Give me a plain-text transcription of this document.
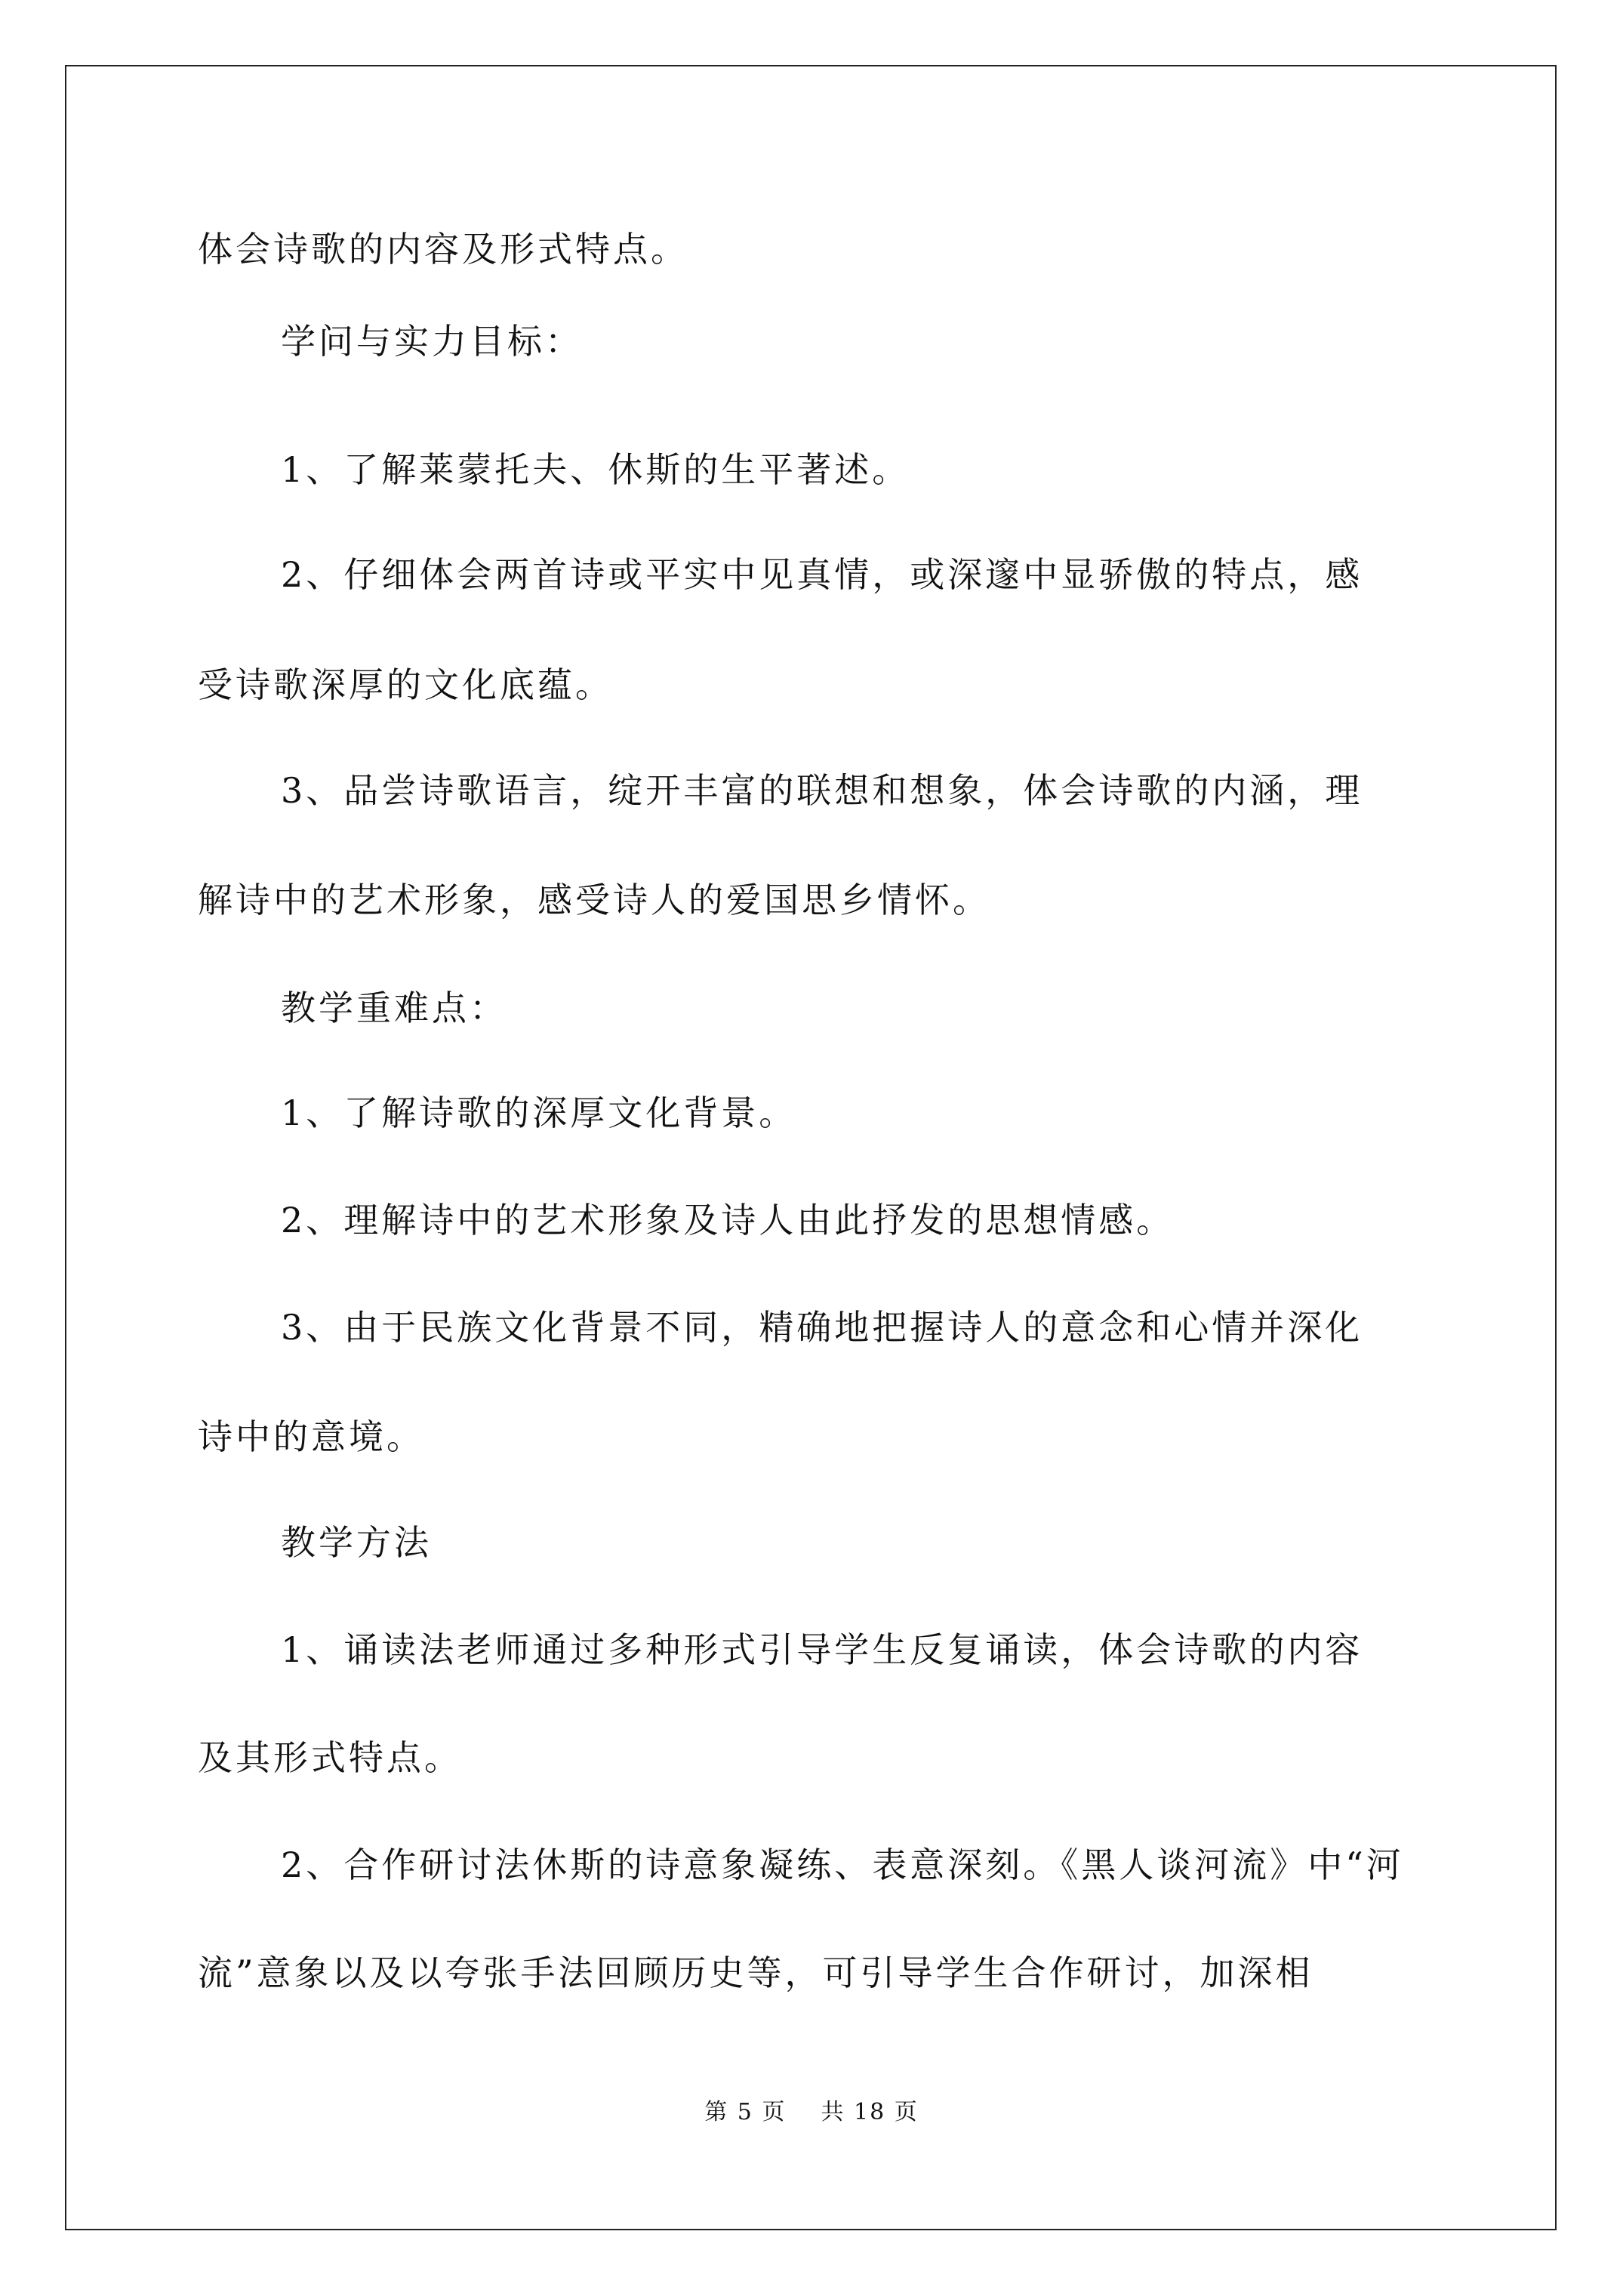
体会诗歌的内容及形式特点。
学问与实力目标：
1、了解莱蒙托夫、休斯的生平著述。
2、仔细体会两首诗或平实中见真情，或深邃中显骄傲的特点，感
受诗歌深厚的文化底蕴。
3、品尝诗歌语言，绽开丰富的联想和想象，体会诗歌的内涵，理
解诗中的艺术形象，感受诗人的爱国思乡情怀。
教学重难点：
1、了解诗歌的深厚文化背景。
2、理解诗中的艺术形象及诗人由此抒发的思想情感。
3、由于民族文化背景不同，精确地把握诗人的意念和心情并深化
诗中的意境。
教学方法
1、诵读法老师通过多种形式引导学生反复诵读，体会诗歌的内容
及其形式特点。
2、合作研讨法休斯的诗意象凝练、表意深刻。《黑人谈河流》中“河
流”意象以及以夸张手法回顾历史等，可引导学生合作研讨，加深相
第 5 页    共 18 页
